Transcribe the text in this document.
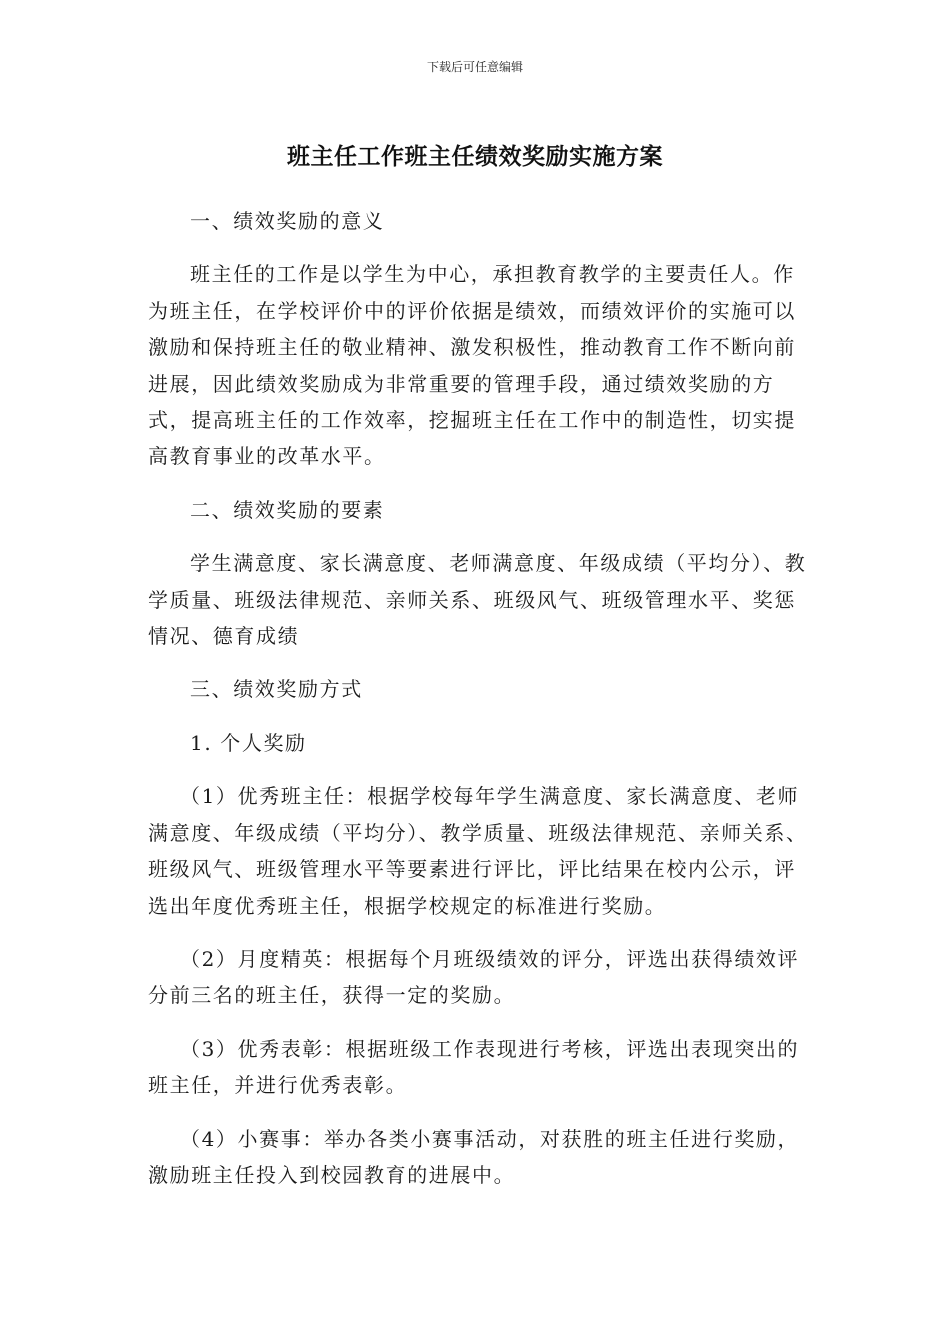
下载后可任意编辑
班主任工作班主任绩效奖励实施方案

一、绩效奖励的意义

班主任的工作是以学生为中心，承担教育教学的主要责任人。作为班主任，在学校评价中的评价依据是绩效，而绩效评价的实施可以激励和保持班主任的敬业精神、激发积极性，推动教育工作不断向前进展，因此绩效奖励成为非常重要的管理手段，通过绩效奖励的方式，提高班主任的工作效率，挖掘班主任在工作中的制造性，切实提高教育事业的改革水平。

二、绩效奖励的要素

学生满意度、家长满意度、老师满意度、年级成绩（平均分）、教学质量、班级法律规范、亲师关系、班级风气、班级管理水平、奖惩情况、德育成绩

三、绩效奖励方式

1. 个人奖励

（1）优秀班主任：根据学校每年学生满意度、家长满意度、老师满意度、年级成绩（平均分）、教学质量、班级法律规范、亲师关系、班级风气、班级管理水平等要素进行评比，评比结果在校内公示，评选出年度优秀班主任，根据学校规定的标准进行奖励。

（2）月度精英：根据每个月班级绩效的评分，评选出获得绩效评分前三名的班主任，获得一定的奖励。

（3）优秀表彰：根据班级工作表现进行考核，评选出表现突出的班主任，并进行优秀表彰。

（4）小赛事：举办各类小赛事活动，对获胜的班主任进行奖励，激励班主任投入到校园教育的进展中。
